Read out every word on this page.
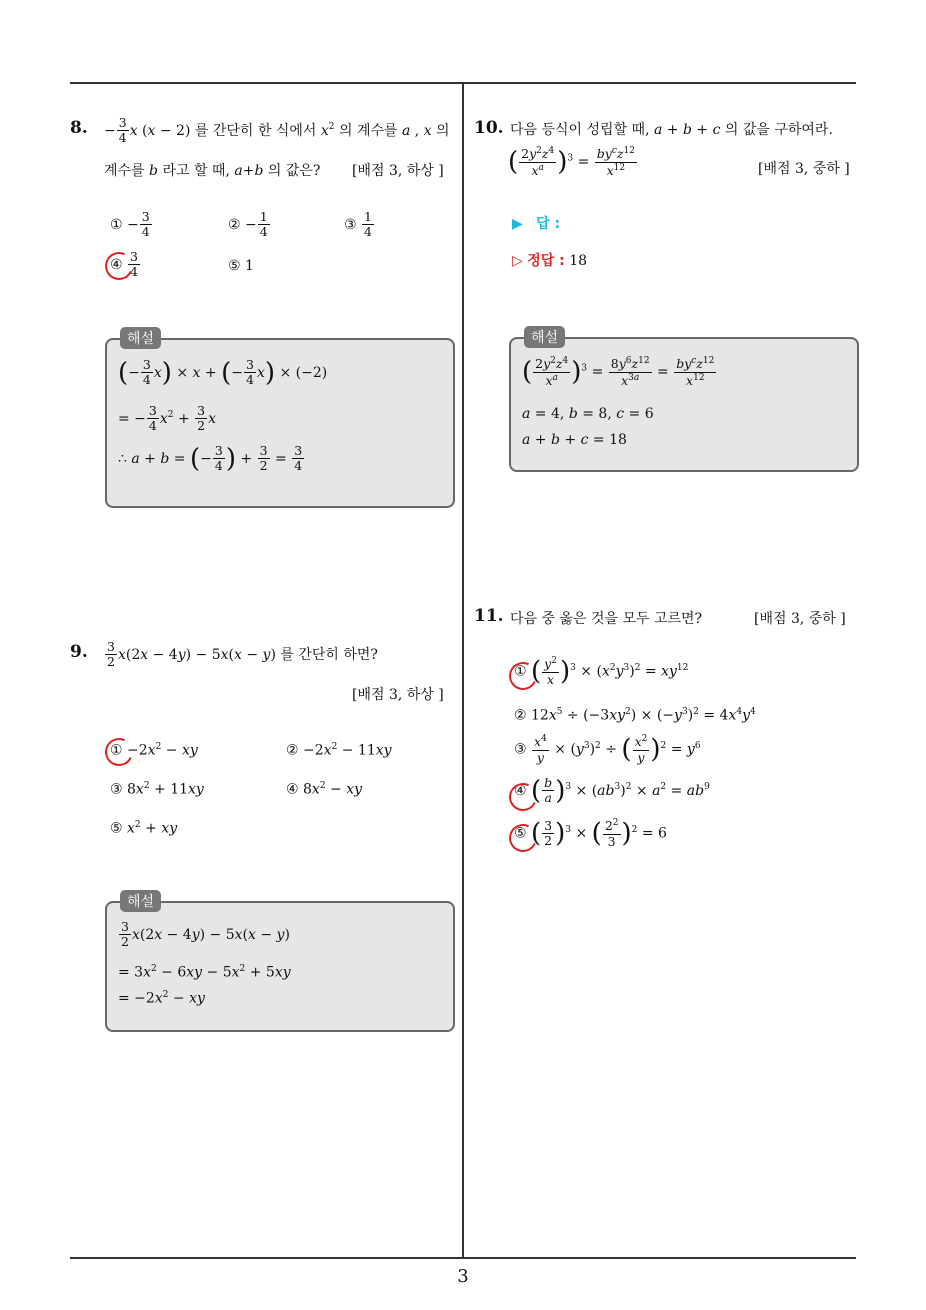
8. − $\frac{3}{4}$ x (x − 2) 를 간단히 한 식에서 $x^2$ 의 계수를 a , x 의
계수를 b 라고 할 때, a+b 의 값은? [배점 3, 하상 ]
① − $\frac{3}{4}$	② − $\frac{1}{4}$	③ $\frac{1}{4}$
④ $\frac{3}{4}$	⑤ 1
해설
(− $\frac{3}{4} x) \times x$ + (− $\frac{3}{4} x) \times (-2)$
= − $\frac{3}{4} x^2 + \frac{3}{2}$ x
∴ a + b = (− $\frac{3}{4}$ ) + $\frac{3}{2} = \frac{3}{4}$
9. $\frac{3}{2} x(2x - 4y) - 5x(x - y)$ 를 간단히 하면?
[배점 3, 하상 ]
① $-2x^2$ − xy	② $-2x^2 - 11xy$
③ $8x^2 + 11xy$	④ $8x^2$ − xy
⑤ $x^2$ + xy
해설
$\frac{3}{2} x(2x - 4y) - 5x(x - y)$
= $3x^2 - 6xy - 5x^2 + 5xy$
= $-2x^2$ − xy
10. 다음 등식이 성립할 때, a + b + c 의 값을 구하여라.
( $\frac{2y^2z^4}{x^a} )^3 = \frac{by^cz^{12}}{x^{12}}$	[배점 3, 중하 ]
▶ 답 :
▷ 정답 : 18
해설
( $\frac{2y^2z^4}{x^a} )^3 = \frac{8y^6z^{12}}{x^{3a}} = \frac{by^cz^{12}}{x^{12}}$
a = 4, b = 8, c = 6
a + b + c = 18
11. 다음 중 옳은 것을 모두 고르면?	[배점 3, 중하 ]
① ( $\frac{y^2}{x} )^3 \times (x^2y^3)^2 = xy^{12}$
② $12x^5 \div (-3xy^2) \times (-y^3)^2 = 4x^4y^4$
③ $\frac{x^4}{y} \times (y^3)^2$ ÷ ( $\frac{x^2}{y} )^2 = y^6$
④ ( $\frac{b}{a} )^3 \times (ab^3)^2 \times a^2 = ab^9$
⑤ ( $\frac{3}{2} )^3$ × ( $\frac{2^2}{3} )^2 = 6$
3
